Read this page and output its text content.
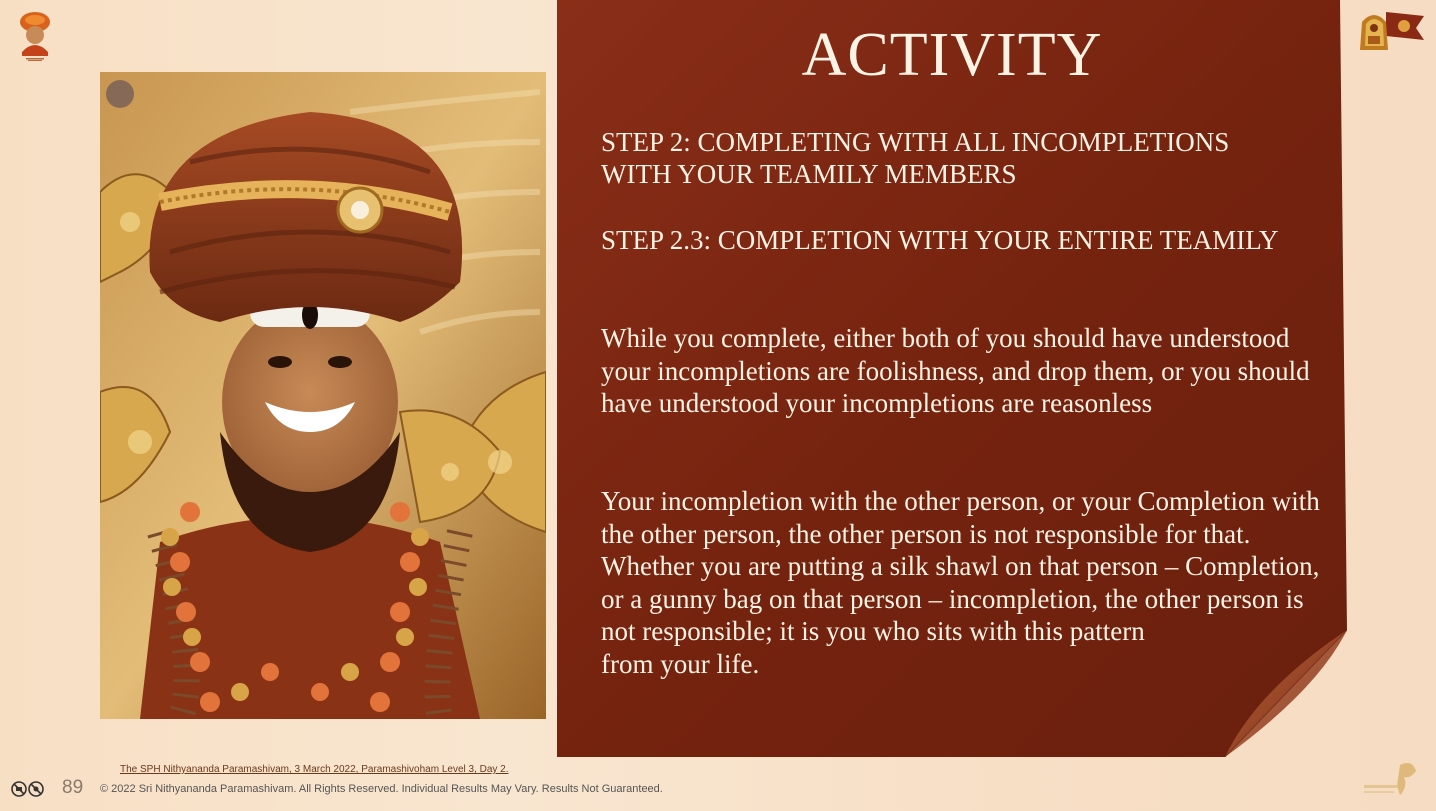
ACTIVITY
STEP 2: COMPLETING WITH ALL INCOMPLETIONS WITH YOUR TEAMILY MEMBERS
STEP 2.3: COMPLETION WITH YOUR ENTIRE TEAMILY
While you complete, either both of you should have understood your incompletions are foolishness, and drop them, or you should have understood your incompletions are reasonless
Your incompletion with the other person, or your Completion with the other person, the other person is not responsible for that. Whether you are putting a silk shawl on that person – Completion, or a gunny bag on that person – incompletion, the other person is not responsible; it is you who sits with this pattern
from your life.
The SPH Nithyananda Paramashivam, 3 March 2022, Paramashivoham Level 3, Day 2.
89 © 2022 Sri Nithyananda Paramashivam. All Rights Reserved. Individual Results May Vary. Results Not Guaranteed.
